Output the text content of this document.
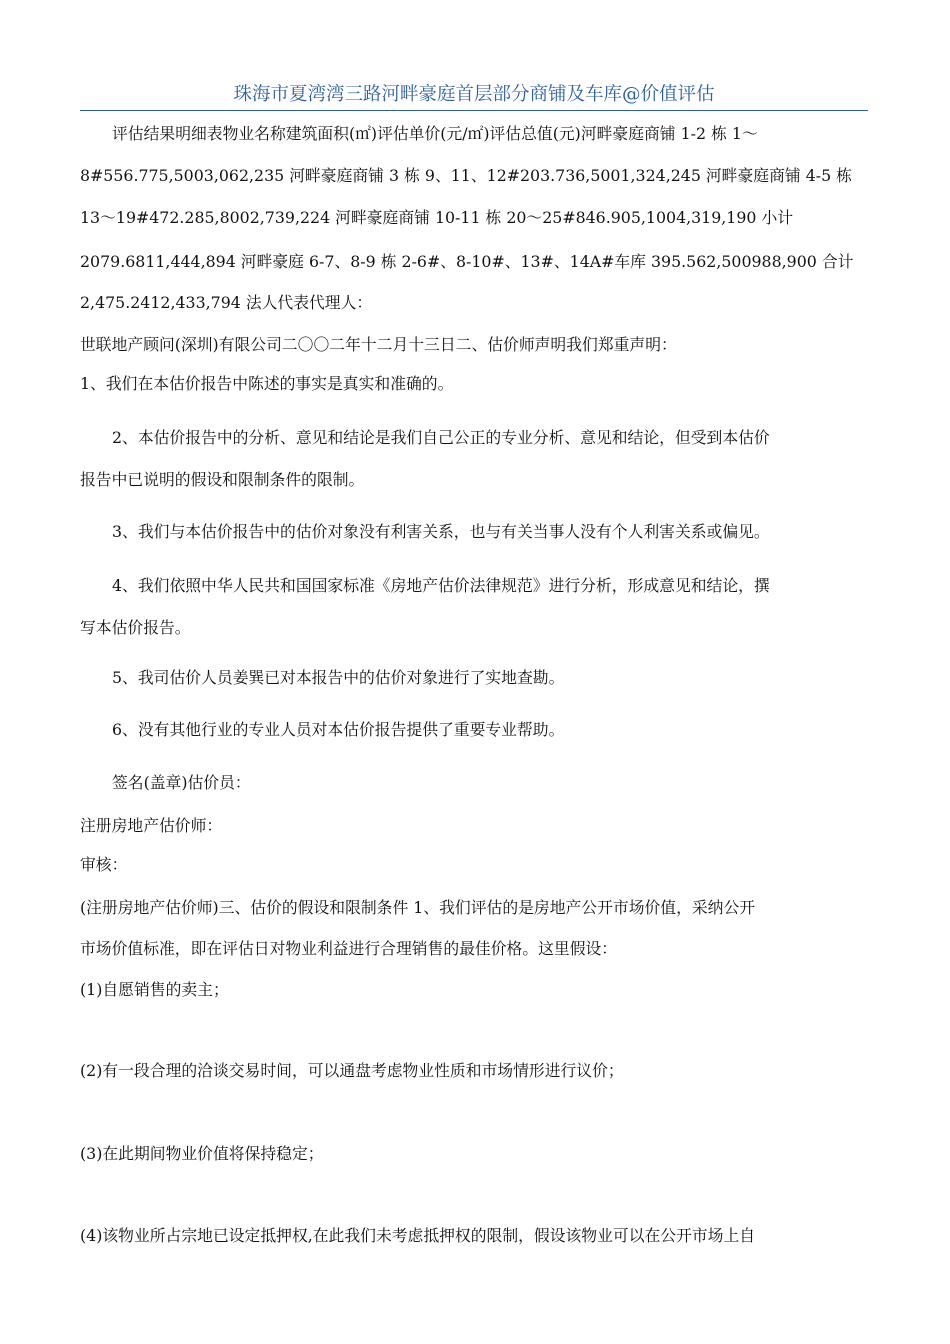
珠海市夏湾湾三路河畔豪庭首层部分商铺及车库@价值评估
评估结果明细表物业名称建筑面积(㎡)评估单价(元/㎡)评估总值(元)河畔豪庭商铺 1-2 栋 1～
8#556.775,5003,062,235 河畔豪庭商铺 3 栋 9、11、12#203.736,5001,324,245 河畔豪庭商铺 4-5 栋
13～19#472.285,8002,739,224 河畔豪庭商铺 10-11 栋 20～25#846.905,1004,319,190 小计
2079.6811,444,894 河畔豪庭 6-7、8-9 栋 2-6#、8-10#、13#、14A#车库 395.562,500988,900 合计
2,475.2412,433,794 法人代表代理人：
世联地产顾问(深圳)有限公司二〇〇二年十二月十三日二、估价师声明我们郑重声明：
1、我们在本估价报告中陈述的事实是真实和准确的。
2、本估价报告中的分析、意见和结论是我们自己公正的专业分析、意见和结论，但受到本估价
报告中已说明的假设和限制条件的限制。
3、我们与本估价报告中的估价对象没有利害关系，也与有关当事人没有个人利害关系或偏见。
4、我们依照中华人民共和国国家标准《房地产估价法律规范》进行分析，形成意见和结论，撰
写本估价报告。
5、我司估价人员姜巽已对本报告中的估价对象进行了实地查勘。
6、没有其他行业的专业人员对本估价报告提供了重要专业帮助。
签名(盖章)估价员：
注册房地产估价师：
审核：
(注册房地产估价师)三、估价的假设和限制条件 1、我们评估的是房地产公开市场价值，采纳公开
市场价值标准，即在评估日对物业利益进行合理销售的最佳价格。这里假设：
(1)自愿销售的卖主；
(2)有一段合理的洽谈交易时间，可以通盘考虑物业性质和市场情形进行议价；
(3)在此期间物业价值将保持稳定；
(4)该物业所占宗地已设定抵押权,在此我们未考虑抵押权的限制，假设该物业可以在公开市场上自
